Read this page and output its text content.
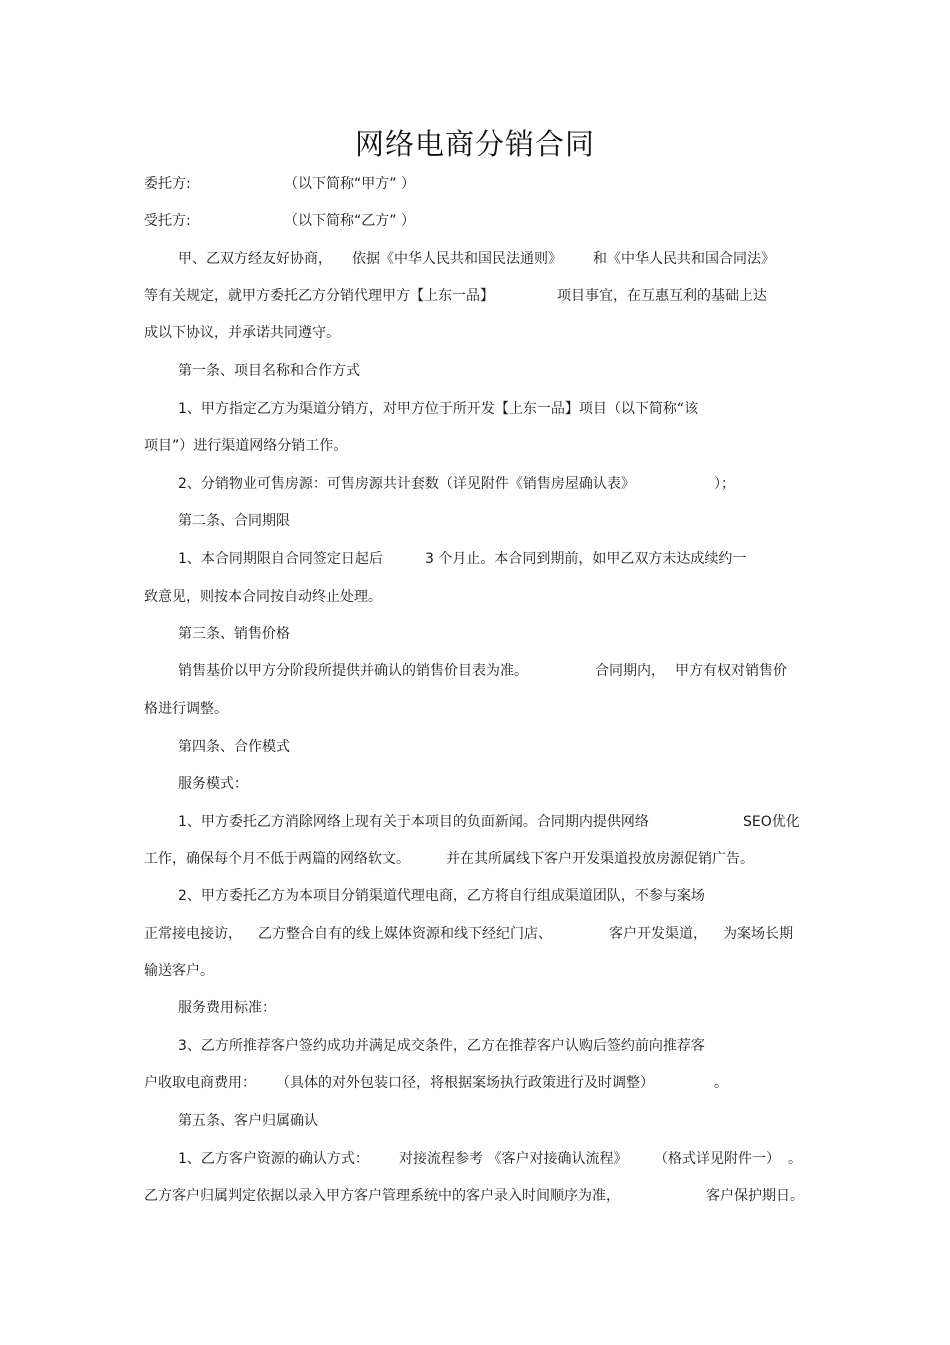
网络电商分销合同
委托方:	（以下简称“甲方” ）
受托方:	（以下简称“乙方” ）
甲、乙双方经友好协商， 依据《中华人民共和国民法通则》 和《中华人民共和国合同法》
等有关规定，就甲方委托乙方分销代理甲方【上东一品】	项目事宜，在互惠互利的基础上达
成以下协议，并承诺共同遵守。
第一条、项目名称和合作方式
1、甲方指定乙方为渠道分销方，对甲方位于所开发【上东一品】项目（以下简称“该
项目”）进行渠道网络分销工作。
2、分销物业可售房源：可售房源共计套数（详见附件《销售房屋确认表》	）；
第二条、合同期限
1、本合同期限自合同签定日起后	3 个月止。本合同到期前，如甲乙双方未达成续约一
致意见，则按本合同按自动终止处理。
第三条、销售价格
销售基价以甲方分阶段所提供并确认的销售价目表为准。	合同期内， 甲方有权对销售价
格进行调整。
第四条、合作模式
服务模式：
1、甲方委托乙方消除网络上现有关于本项目的负面新闻。合同期内提供网络	SEO优化
工作，确保每个月不低于两篇的网络软文。	并在其所属线下客户开发渠道投放房源促销广告。
2、甲方委托乙方为本项目分销渠道代理电商，乙方将自行组成渠道团队，不参与案场
正常接电接访， 乙方整合自有的线上媒体资源和线下经纪门店、	客户开发渠道， 为案场长期
输送客户。
服务费用标准：
3、乙方所推荐客户签约成功并满足成交条件，乙方在推荐客户认购后签约前向推荐客
户收取电商费用： （具体的对外包装口径，将根据案场执行政策进行及时调整）	。
第五条、客户归属确认
1、乙方客户资源的确认方式： 对接流程参考 《客户对接确认流程》 （格式详见附件一） 。
乙方客户归属判定依据以录入甲方客户管理系统中的客户录入时间顺序为准，	客户保护期日。
